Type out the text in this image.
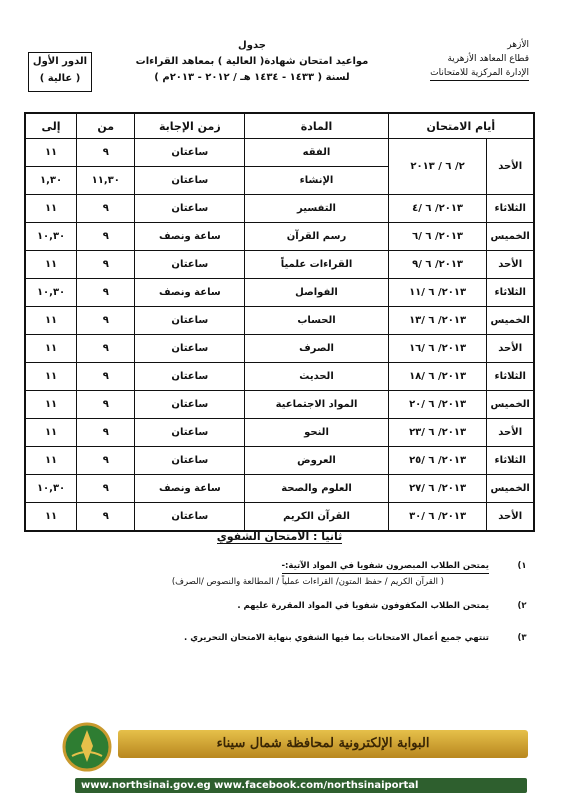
الأزهر
قطاع المعاهد الأزهرية
الإدارة المركزية للامتحانات
جدول
مواعيد امتحان شهادة( العالية ) بمعاهد القراءات
لسنة ( ١٤٣٣ - ١٤٣٤ هـ / ٢٠١٢ - ٢٠١٣م )
الدور الأول
( عالية )
أيام الامتحان		المادة	زمن الإجابة	من	إلى
الأحد	٢/ ٦ / ٢٠١٣	الفقه	ساعتان	٩	١١
		الإنشاء	ساعتان	١١,٣٠	١,٣٠
الثلاثاء	٢٠١٣/ ٦ /٤	التفسير	ساعتان	٩	١١
الخميس	٢٠١٣/ ٦ /٦	رسم القرآن	ساعة ونصف	٩	١٠,٣٠
الأحد	٢٠١٣/ ٦ /٩	القراءات علمياً	ساعتان	٩	١١
الثلاثاء	٢٠١٣/ ٦ /١١	الفواصل	ساعة ونصف	٩	١٠,٣٠
الخميس	٢٠١٣/ ٦ /١٣	الحساب	ساعتان	٩	١١
الأحد	٢٠١٣/ ٦ /١٦	الصرف	ساعتان	٩	١١
الثلاثاء	٢٠١٣/ ٦ /١٨	الحديث	ساعتان	٩	١١
الخميس	٢٠١٣/ ٦ /٢٠	المواد الاجتماعية	ساعتان	٩	١١
الأحد	٢٠١٣/ ٦ /٢٣	النحو	ساعتان	٩	١١
الثلاثاء	٢٠١٣/ ٦ /٢٥	العروض	ساعتان	٩	١١
الخميس	٢٠١٣/ ٦ /٢٧	العلوم والصحة	ساعة ونصف	٩	١٠,٣٠
الأحد	٢٠١٣/ ٦ /٣٠	القرآن الكريم	ساعتان	٩	١١
ثانيا : الامتحان الشفوي
١)
يمتحن الطلاب المبصرون شفويا في المواد الآتية:-
( القرآن الكريم / حفظ المتون/ القراءات عملياً / المطالعة والنصوص /الصرف)
٢)
يمتحن الطلاب المكفوفون شفويا في المواد المقررة عليهم .
٣)
تنتهي جميع أعمال الامتحانات بما فيها الشفوي بنهاية الامتحان التحريري .
البوابة الإلكترونية لمحافظة شمال سيناء
www.northsinai.gov.eg www.facebook.com/northsinaiportal
